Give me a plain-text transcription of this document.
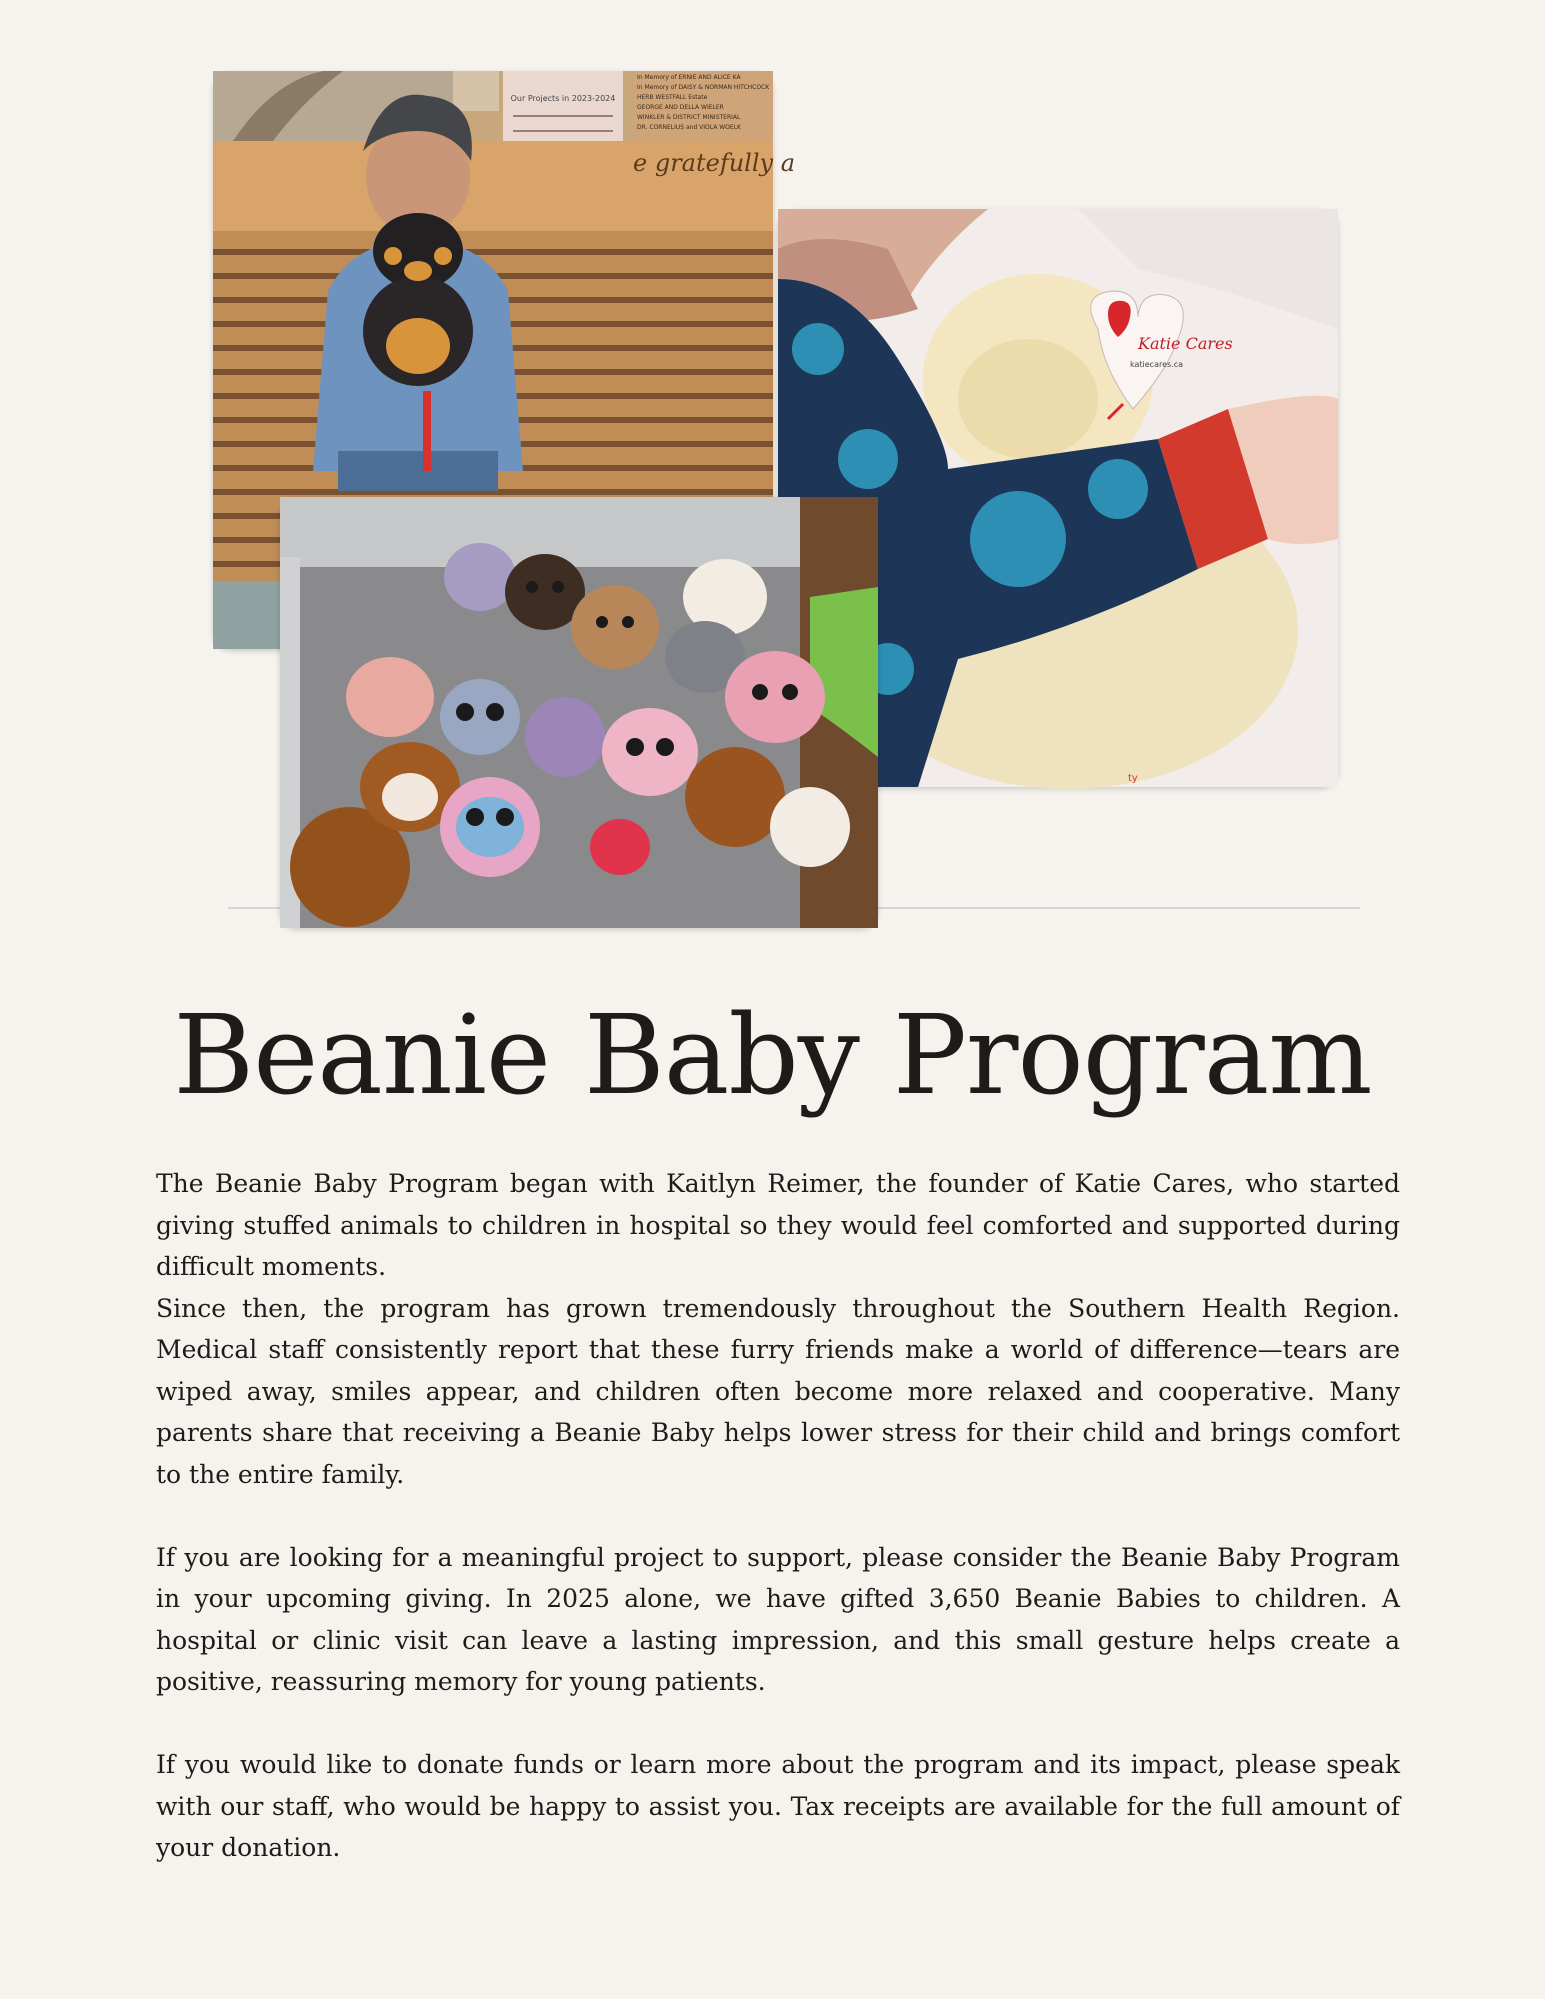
Our Projects in 2023-2024
In Memory of ERNIE AND ALICE KA
In Memory of DAISY & NORMAN HITCHCOCK
HERB WESTFALL Estate
GEORGE AND DELLA WIELER
WINKLER & DISTRICT MINISTERIAL
DR. CORNELIUS and VIOLA WOELK
e gratefully a
Katie Cares
katiecares.ca
ty
Beanie Baby Program

The Beanie Baby Program began with Kaitlyn Reimer, the founder of Katie Cares, who started giving stuffed animals to children in hospital so they would feel comforted and supported during difficult moments.

Since then, the program has grown tremendously throughout the Southern Health Region. Medical staff consistently report that these furry friends make a world of difference—tears are wiped away, smiles appear, and children often become more relaxed and cooperative. Many parents share that receiving a Beanie Baby helps lower stress for their child and brings comfort to the entire family.

If you are looking for a meaningful project to support, please consider the Beanie Baby Program in your upcoming giving. In 2025 alone, we have gifted 3,650 Beanie Babies to children. A hospital or clinic visit can leave a lasting impression, and this small gesture helps create a positive, reassuring memory for young patients.

If you would like to donate funds or learn more about the program and its impact, please speak with our staff, who would be happy to assist you. Tax receipts are available for the full amount of your donation.
